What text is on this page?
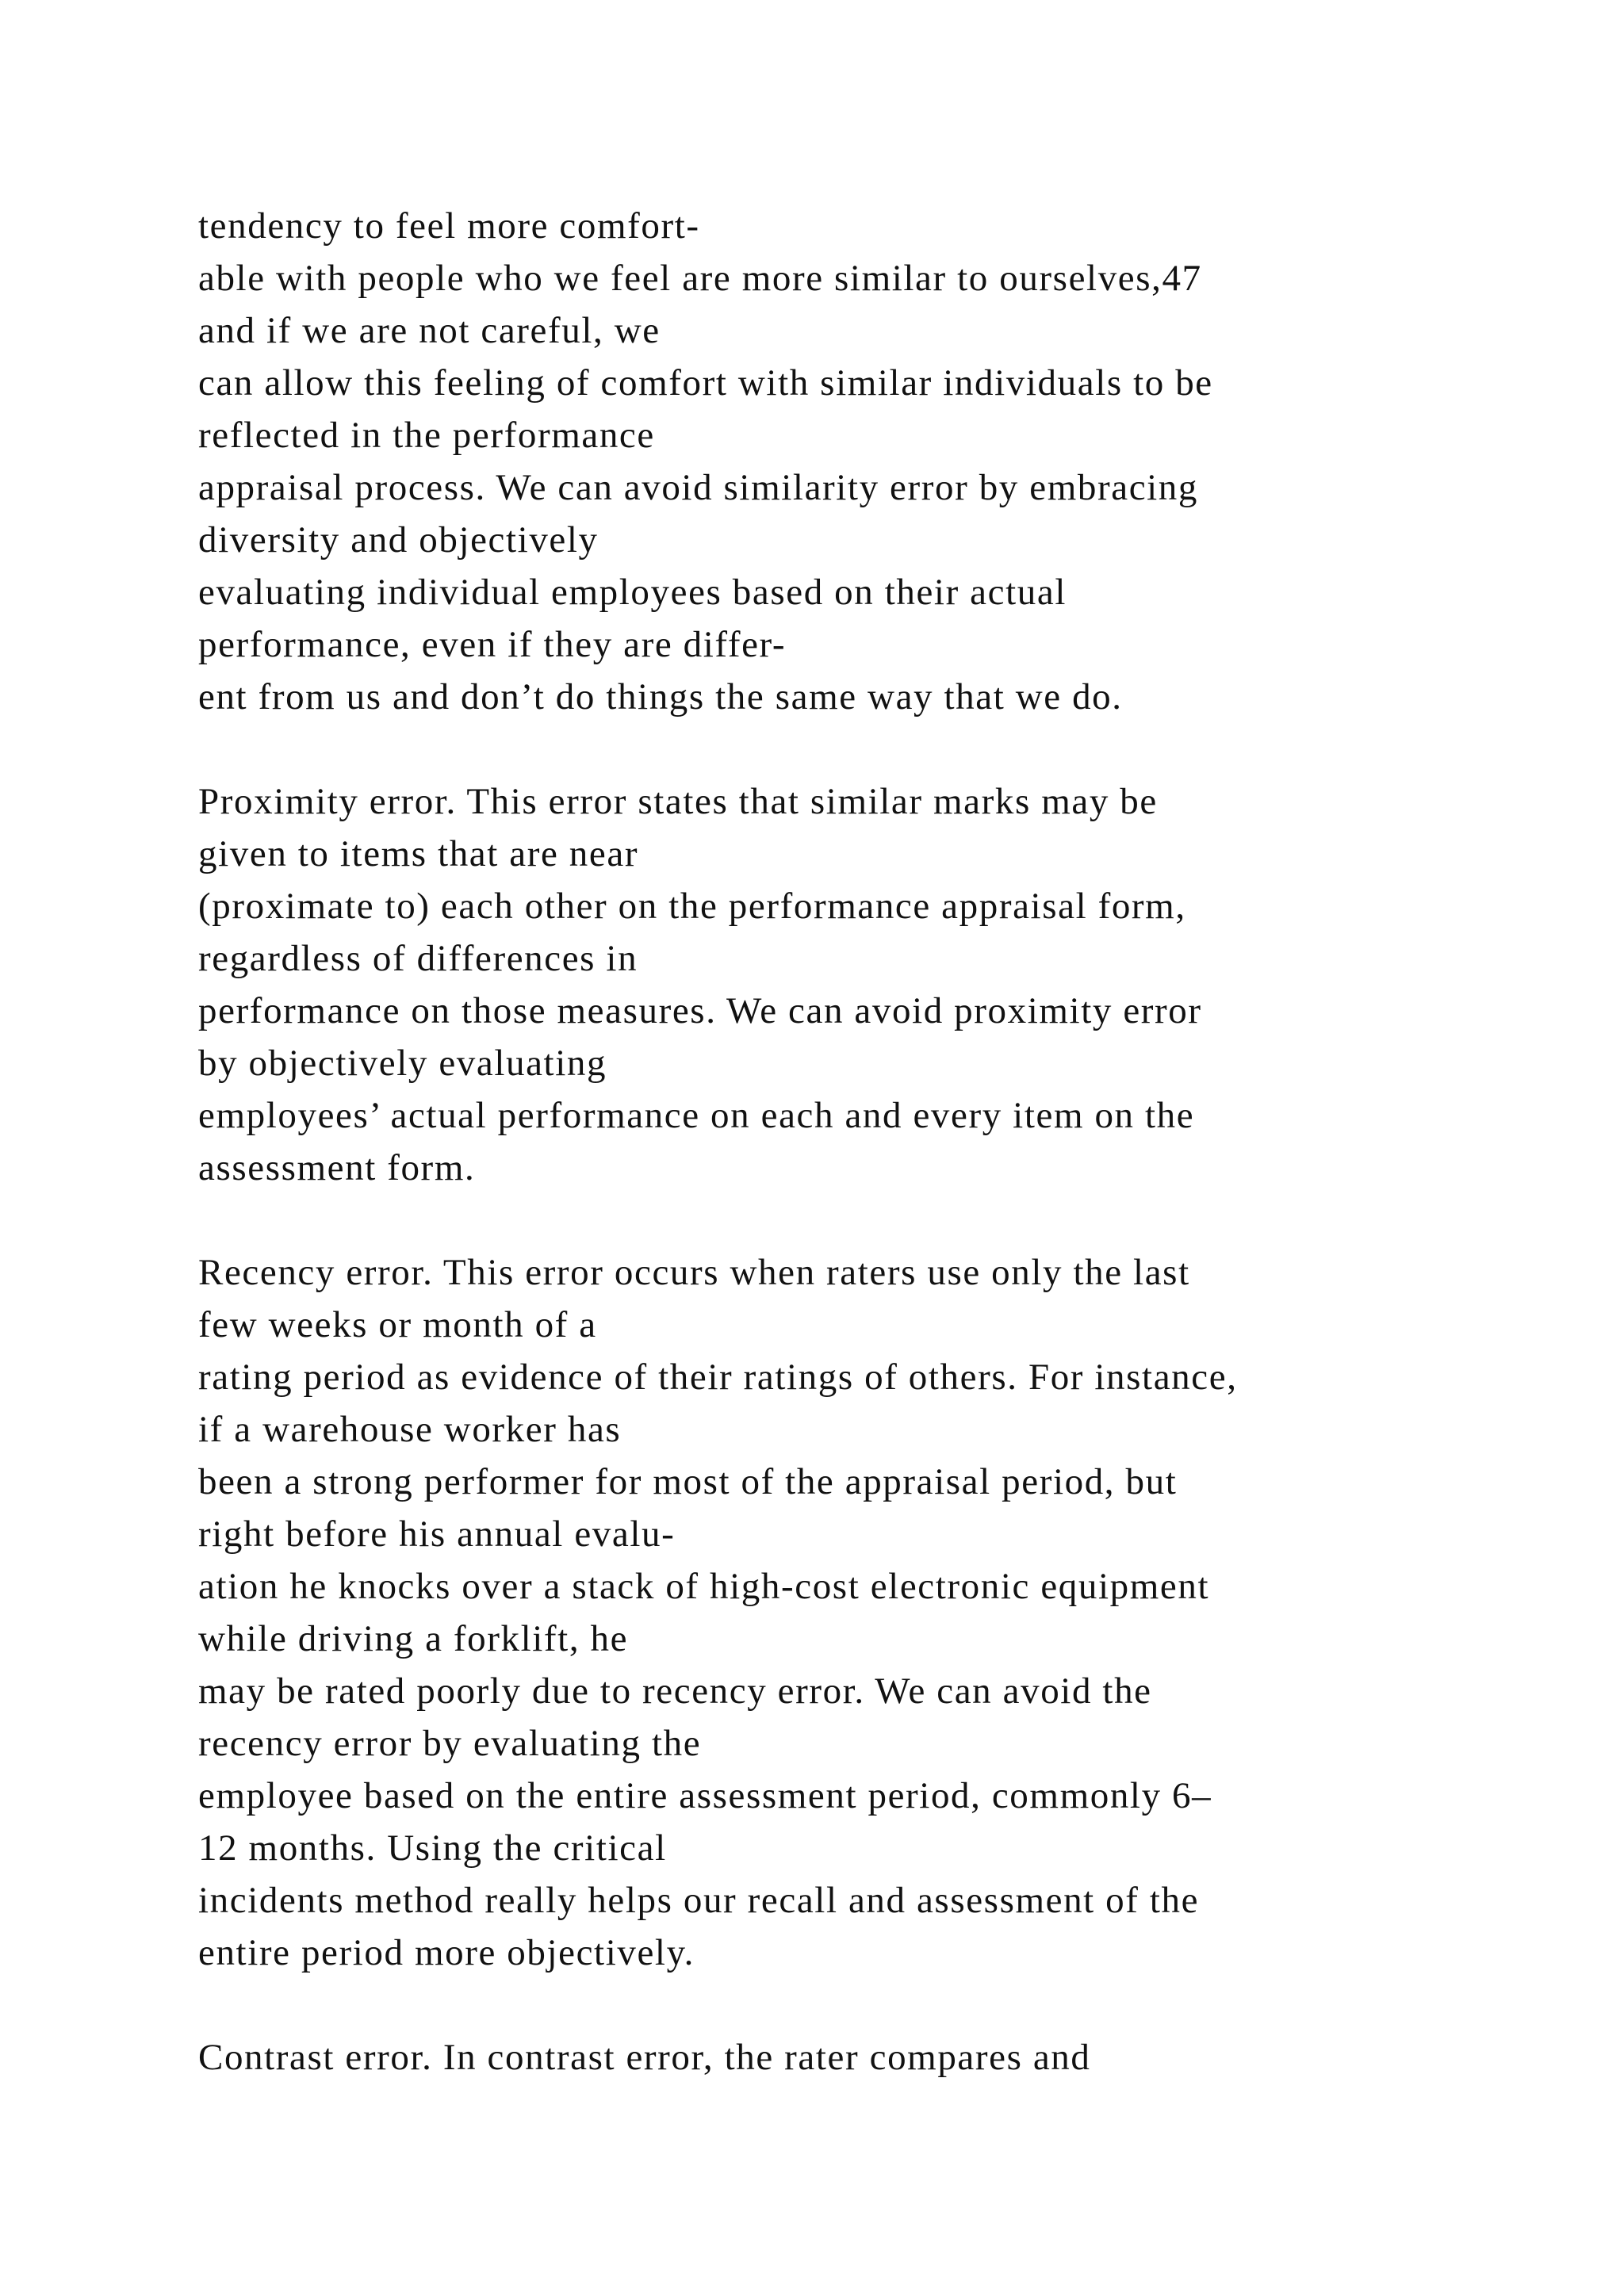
tendency to feel more comfort-
able with people who we feel are more similar to ourselves,47
and if we are not careful, we
can allow this feeling of comfort with similar individuals to be
reflected in the performance
appraisal process. We can avoid similarity error by embracing
diversity and objectively
evaluating individual employees based on their actual
performance, even if they are differ-
ent from us and don’t do things the same way that we do.
Proximity error. This error states that similar marks may be
given to items that are near
(proximate to) each other on the performance appraisal form,
regardless of differences in
performance on those measures. We can avoid proximity error
by objectively evaluating
employees’ actual performance on each and every item on the
assessment form.
Recency error. This error occurs when raters use only the last
few weeks or month of a
rating period as evidence of their ratings of others. For instance,
if a warehouse worker has
been a strong performer for most of the appraisal period, but
right before his annual evalu-
ation he knocks over a stack of high-cost electronic equipment
while driving a forklift, he
may be rated poorly due to recency error. We can avoid the
recency error by evaluating the
employee based on the entire assessment period, commonly 6–
12 months. Using the critical
incidents method really helps our recall and assessment of the
entire period more objectively.
Contrast error. In contrast error, the rater compares and
